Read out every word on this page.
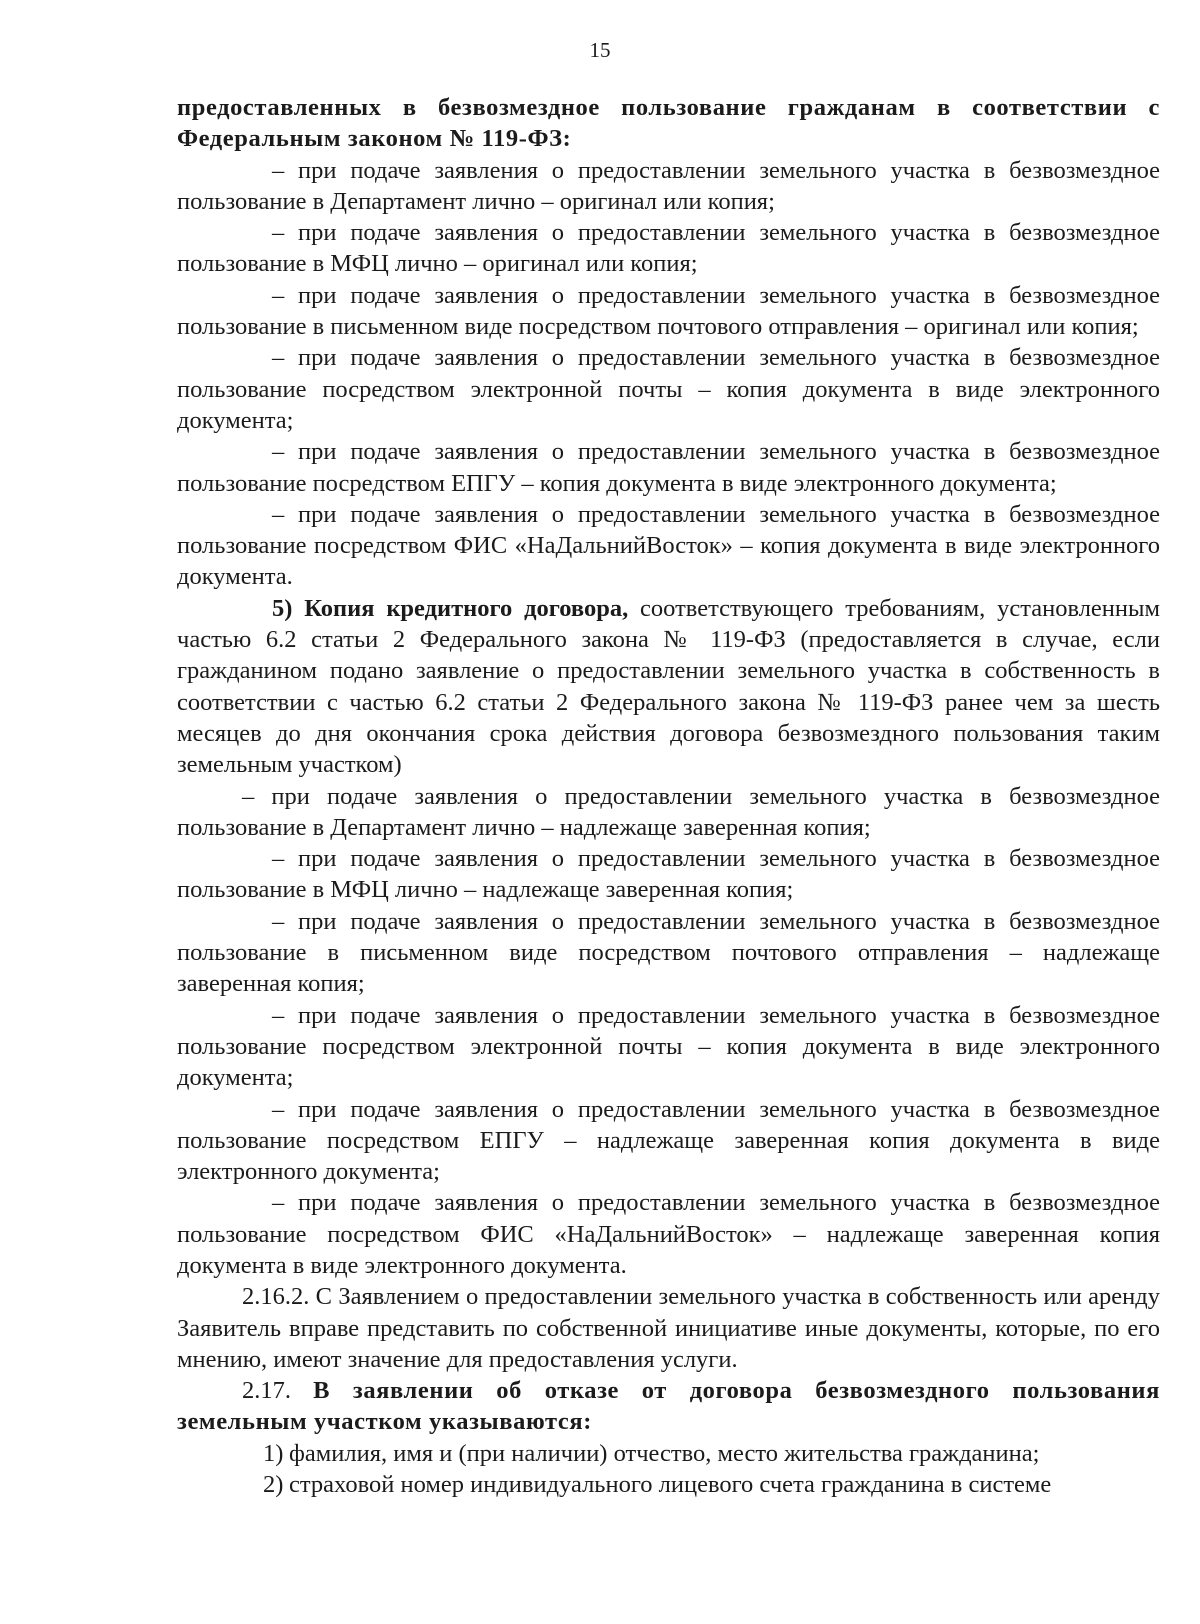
15

предоставленных в безвозмездное пользование гражданам в соответствии с Федеральным законом № 119-ФЗ:

– при подаче заявления о предоставлении земельного участка в безвозмездное пользование в Департамент лично – оригинал или копия;

– при подаче заявления о предоставлении земельного участка в безвозмездное пользование в МФЦ лично – оригинал или копия;

– при подаче заявления о предоставлении земельного участка в безвозмездное пользование в письменном виде посредством почтового отправления – оригинал или копия;

– при подаче заявления о предоставлении земельного участка в безвозмездное пользование посредством электронной почты – копия документа в виде электронного документа;

– при подаче заявления о предоставлении земельного участка в безвозмездное пользование посредством ЕПГУ – копия документа в виде электронного документа;

– при подаче заявления о предоставлении земельного участка в безвозмездное пользование посредством ФИС «НаДальнийВосток» – копия документа в виде электронного документа.

5) Копия кредитного договора, соответствующего требованиям, установленным частью 6.2 статьи 2 Федерального закона № 119-ФЗ (предоставляется в случае, если гражданином подано заявление о предоставлении земельного участка в собственность в соответствии с частью 6.2 статьи 2 Федерального закона № 119-ФЗ ранее чем за шесть месяцев до дня окончания срока действия договора безвозмездного пользования таким земельным участком)

– при подаче заявления о предоставлении земельного участка в безвозмездное пользование в Департамент лично – надлежаще заверенная копия;

– при подаче заявления о предоставлении земельного участка в безвозмездное пользование в МФЦ лично – надлежаще заверенная копия;

– при подаче заявления о предоставлении земельного участка в безвозмездное пользование в письменном виде посредством почтового отправления – надлежаще заверенная копия;

– при подаче заявления о предоставлении земельного участка в безвозмездное пользование посредством электронной почты – копия документа в виде электронного документа;

– при подаче заявления о предоставлении земельного участка в безвозмездное пользование посредством ЕПГУ – надлежаще заверенная копия документа в виде электронного документа;

– при подаче заявления о предоставлении земельного участка в безвозмездное пользование посредством ФИС «НаДальнийВосток» – надлежаще заверенная копия документа в виде электронного документа.

2.16.2. С Заявлением о предоставлении земельного участка в собственность или аренду Заявитель вправе представить по собственной инициативе иные документы, которые, по его мнению, имеют значение для предоставления услуги.

2.17. В заявлении об отказе от договора безвозмездного пользования земельным участком указываются:

1) фамилия, имя и (при наличии) отчество, место жительства гражданина;
2) страховой номер индивидуального лицевого счета гражданина в системе
